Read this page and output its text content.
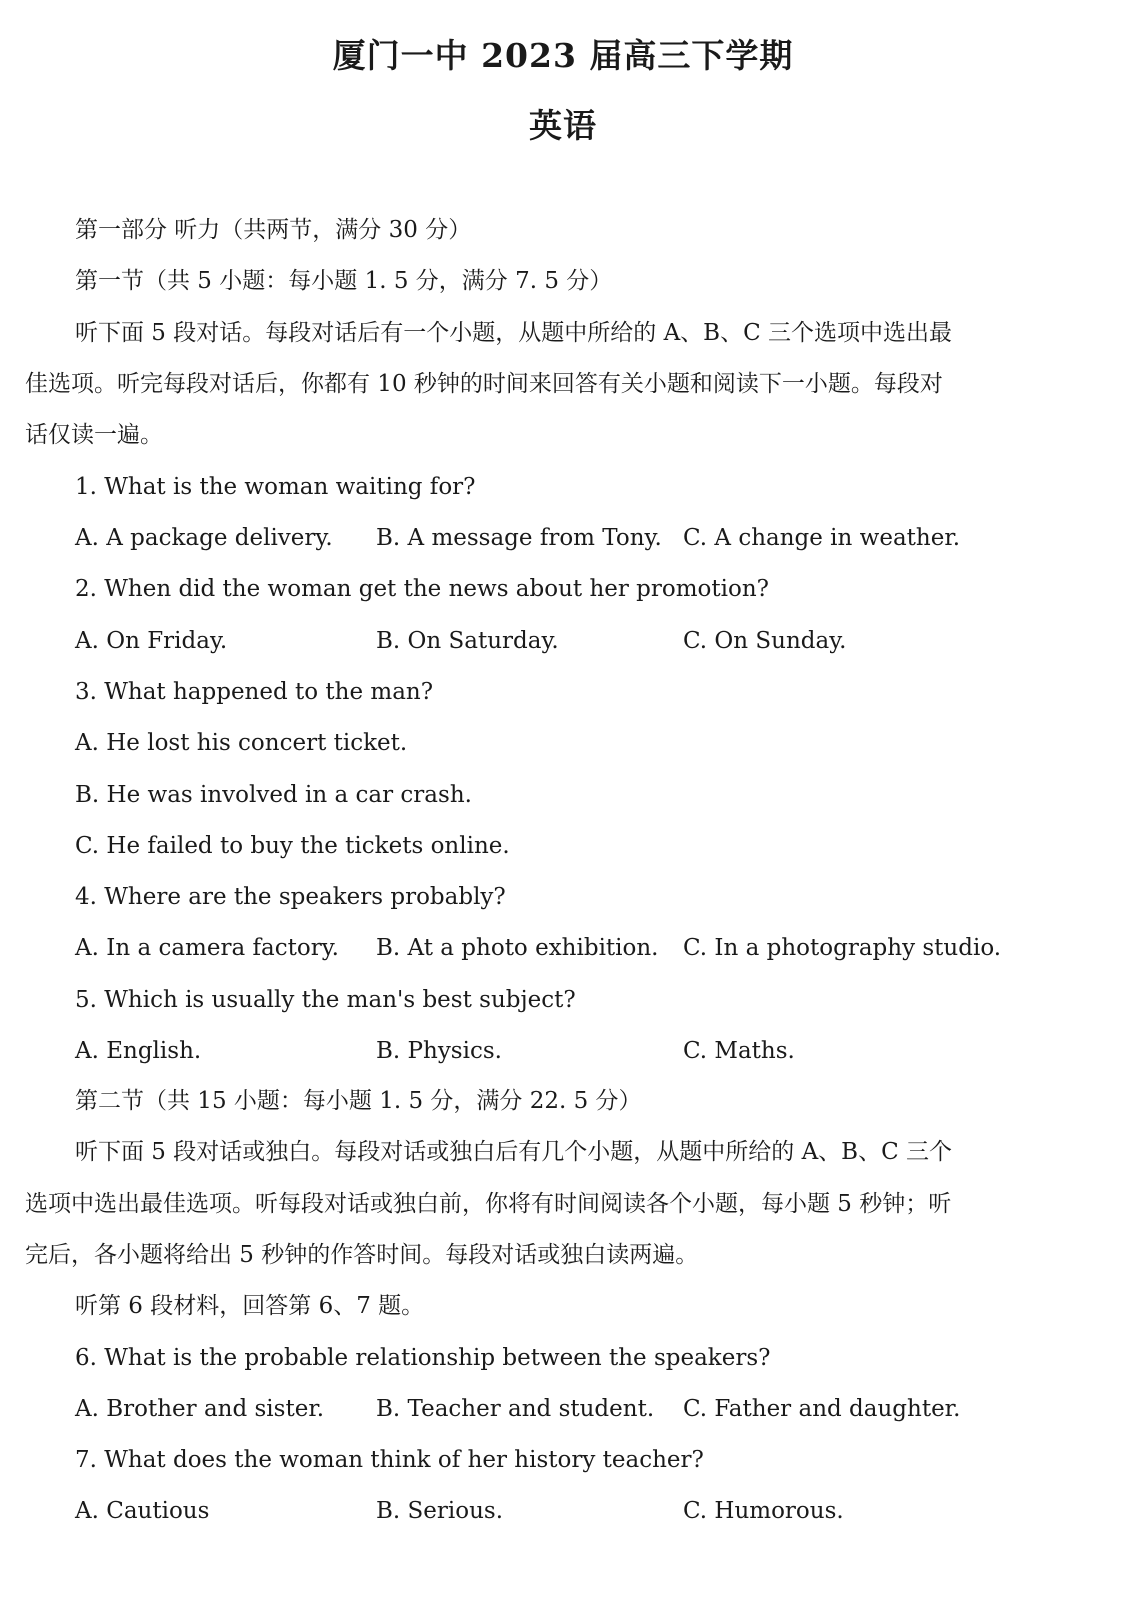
厦门一中 2023 届高三下学期
英语
第一部分 听力（共两节，满分 30 分）
第一节（共 5 小题：每小题 1. 5 分，满分 7. 5 分）
听下面 5 段对话。每段对话后有一个小题，从题中所给的 A、B、C 三个选项中选出最
佳选项。听完每段对话后，你都有 10 秒钟的时间来回答有关小题和阅读下一小题。每段对
话仅读一遍。
1. What is the woman waiting for?
A. A package delivery. B. A message from Tony. C. A change in weather.
2. When did the woman get the news about her promotion?
A. On Friday.	B. On Saturday.	C. On Sunday.
3. What happened to the man?
A. He lost his concert ticket.
B. He was involved in a car crash.
C. He failed to buy the tickets online.
4. Where are the speakers probably?
A. In a camera factory. B. At a photo exhibition. C. In a photography studio.
5. Which is usually the man's best subject?
A. English.	B. Physics.	C. Maths.
第二节（共 15 小题：每小题 1. 5 分，满分 22. 5 分）
听下面 5 段对话或独白。每段对话或独白后有几个小题，从题中所给的 A、B、C 三个
选项中选出最佳选项。听每段对话或独白前，你将有时间阅读各个小题，每小题 5 秒钟；听
完后，各小题将给出 5 秒钟的作答时间。每段对话或独白读两遍。
听第 6 段材料，回答第 6、7 题。
6. What is the probable relationship between the speakers?
A. Brother and sister. B. Teacher and student. C. Father and daughter.
7. What does the woman think of her history teacher?
A. Cautious	B. Serious.	C. Humorous.
